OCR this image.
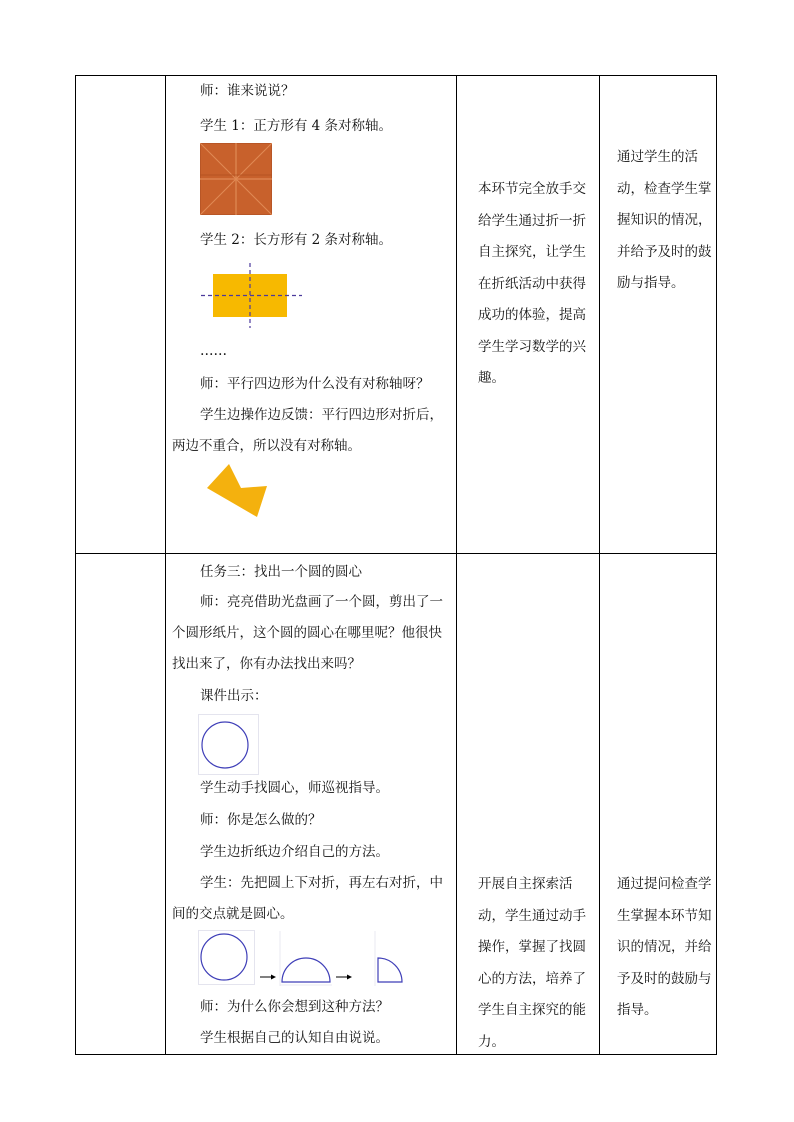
师：谁来说说？
学生 1：正方形有 4 条对称轴。
学生 2：长方形有 2 条对称轴。
……
师：平行四边形为什么没有对称轴呀？
学生边操作边反馈：平行四边形对折后，
两边不重合，所以没有对称轴。
本环节完全放手交给学生通过折一折自主探究，让学生在折纸活动中获得成功的体验，提高学生学习数学的兴趣。
通过学生的活动，检查学生掌握知识的情况，并给予及时的鼓励与指导。
任务三：找出一个圆的圆心
师：亮亮借助光盘画了一个圆，剪出了一
个圆形纸片，这个圆的圆心在哪里呢？他很快
找出来了，你有办法找出来吗？
课件出示：
学生动手找圆心，师巡视指导。
师：你是怎么做的？
学生边折纸边介绍自己的方法。
学生：先把圆上下对折，再左右对折，中
间的交点就是圆心。
师：为什么你会想到这种方法？
学生根据自己的认知自由说说。
开展自主探索活动，学生通过动手操作，掌握了找圆心的方法，培养了学生自主探究的能力。
通过提问检查学生掌握本环节知识的情况，并给予及时的鼓励与指导。
